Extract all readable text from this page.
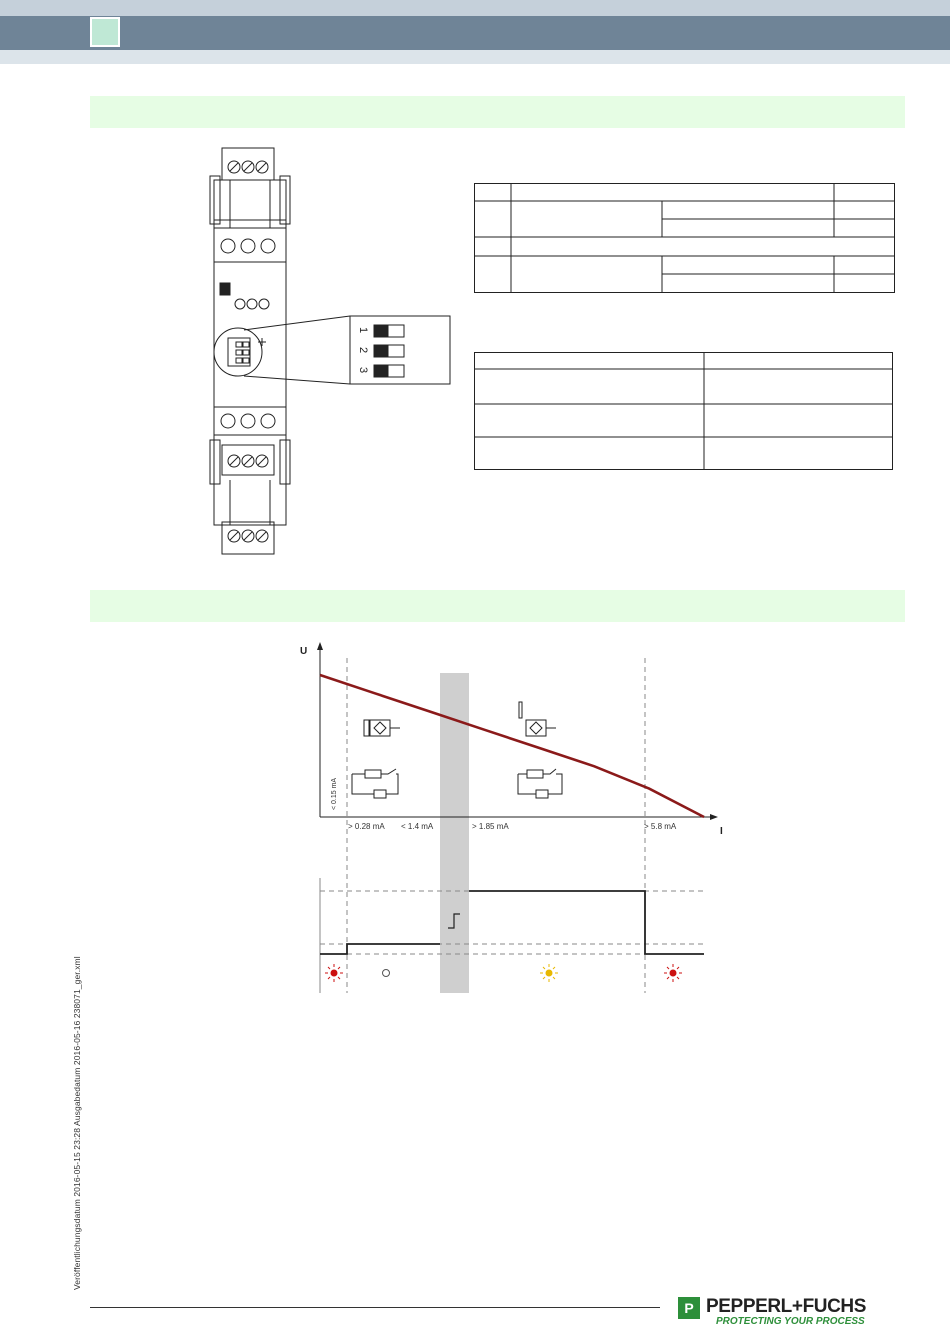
1
2
3
U
I
> 0.28 mA < 1.4 mA	> 1.85 mA	> 5.8 mA
< 0.15 mA
Veröffentlichungsdatum 2016-05-15 23:28 Ausgabedatum 2016-05-16 238071_ger.xml
P PEPPERL+FUCHS
PROTECTING YOUR PROCESS
